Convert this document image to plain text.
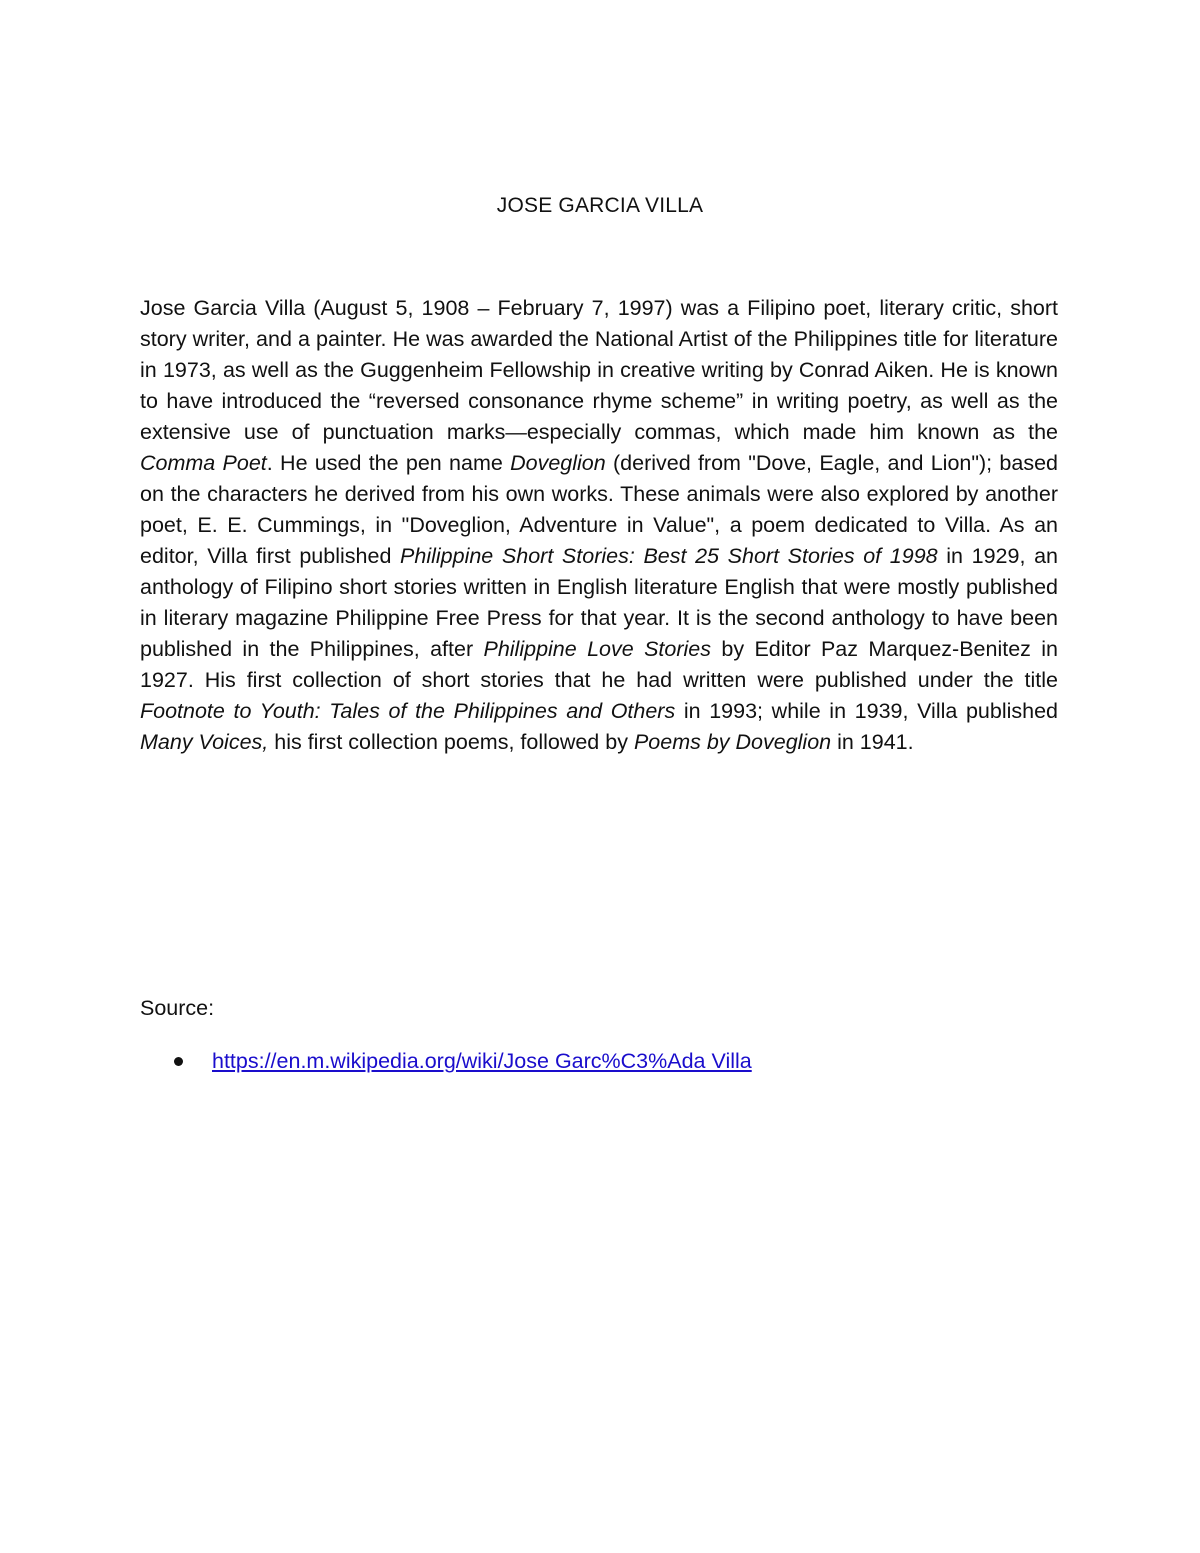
JOSE GARCIA VILLA

Jose Garcia Villa (August 5, 1908 – February 7, 1997) was a Filipino poet, literary critic, short story writer, and a painter. He was awarded the National Artist of the Philippines title for literature in 1973, as well as the Guggenheim Fellowship in creative writing by Conrad Aiken. He is known to have introduced the “reversed consonance rhyme scheme” in writing poetry, as well as the extensive use of punctuation marks—especially commas, which made him known as the Comma Poet. He used the pen name Doveglion (derived from "Dove, Eagle, and Lion"); based on the characters he derived from his own works. These animals were also explored by another poet, E. E. Cummings, in "Doveglion, Adventure in Value", a poem dedicated to Villa. As an editor, Villa first published Philippine Short Stories: Best 25 Short Stories of 1998 in 1929, an anthology of Filipino short stories written in English literature English that were mostly published in literary magazine Philippine Free Press for that year. It is the second anthology to have been published in the Philippines, after Philippine Love Stories by Editor Paz Marquez-Benitez in 1927. His first collection of short stories that he had written were published under the title Footnote to Youth: Tales of the Philippines and Others in 1993; while in 1939, Villa published Many Voices, his first collection poems, followed by Poems by Doveglion in 1941.

Source:

https://en.m.wikipedia.org/wiki/Jose Garc%C3%Ada Villa
